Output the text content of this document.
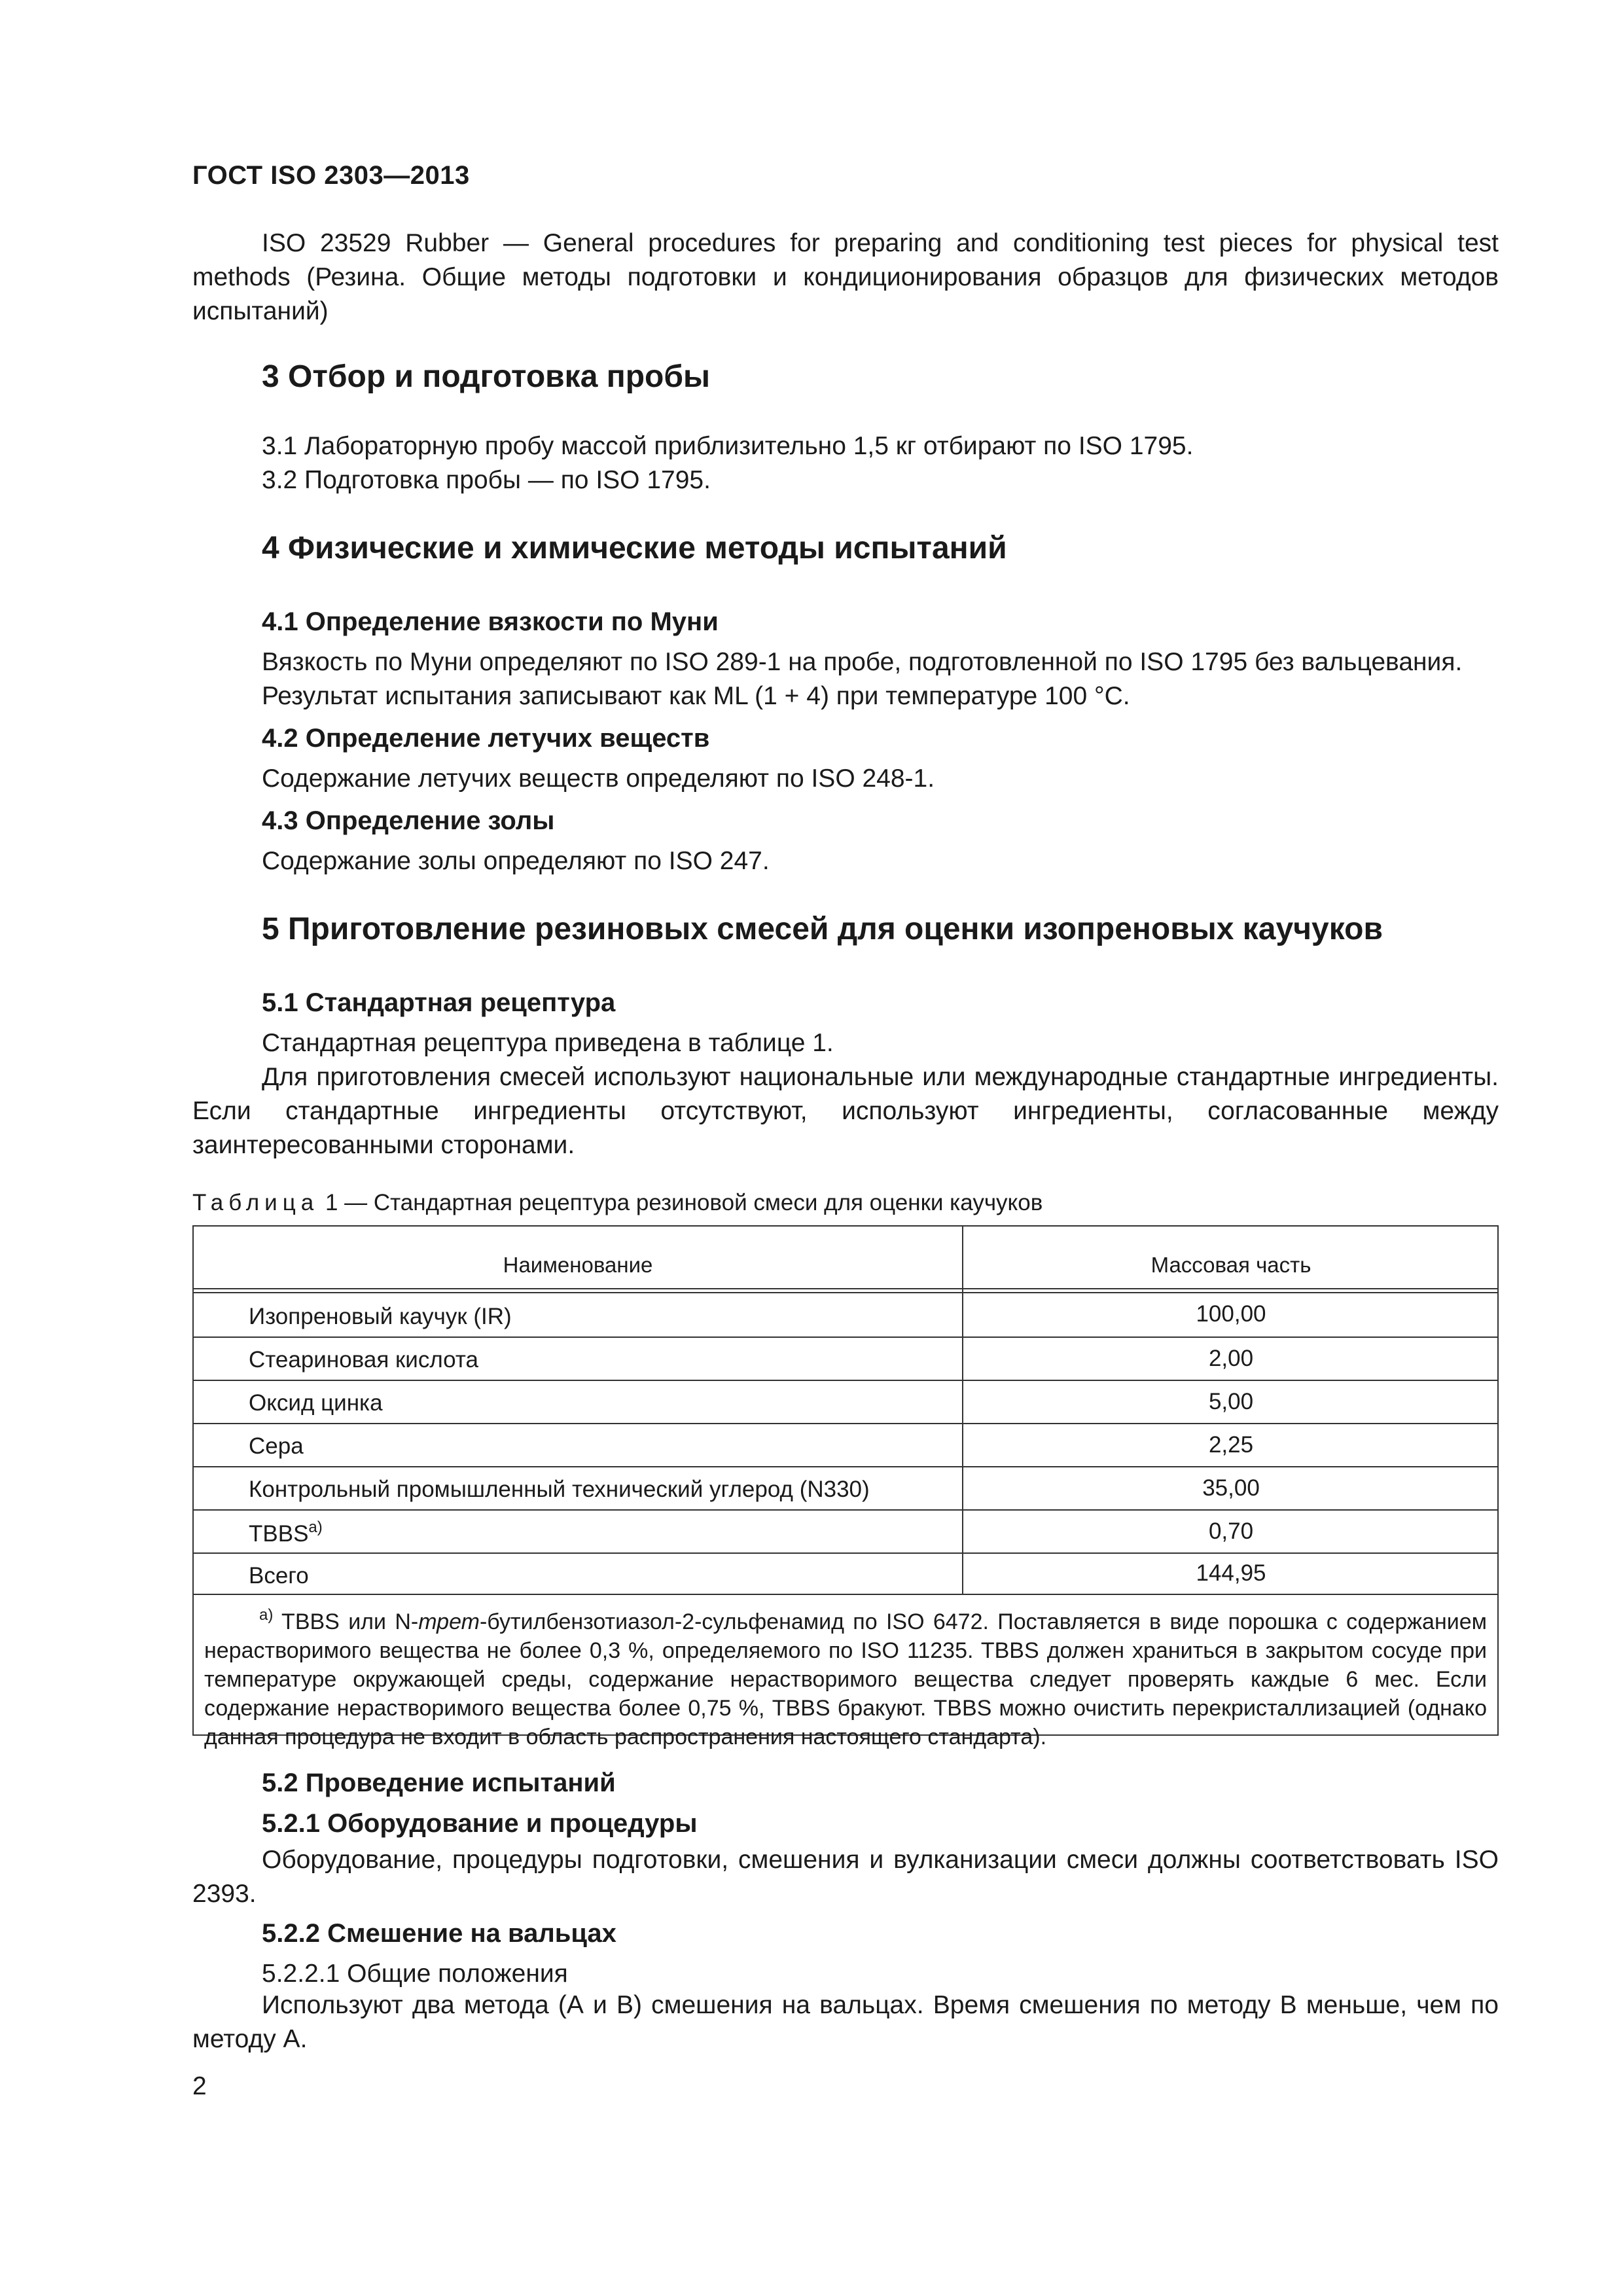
ГОСТ ISO 2303—2013

ISO 23529 Rubber — General procedures for preparing and conditioning test pieces for physical test methods (Резина. Общие методы подготовки и кондиционирования образцов для физических методов испытаний)

3 Отбор и подготовка пробы
3.1 Лабораторную пробу массой приблизительно 1,5 кг отбирают по ISO 1795.
3.2 Подготовка пробы — по ISO 1795.
4 Физические и химические методы испытаний
4.1 Определение вязкости по Муни
Вязкость по Муни определяют по ISO 289-1 на пробе, подготовленной по ISO 1795 без вальцевания.
Результат испытания записывают как ML (1 + 4) при температуре 100 °С.
4.2 Определение летучих веществ
Содержание летучих веществ определяют по ISO 248-1.
4.3 Определение золы
Содержание золы определяют по ISO 247.
5 Приготовление резиновых смесей для оценки изопреновых каучуков
5.1 Стандартная рецептура
Стандартная рецептура приведена в таблице 1.

Для приготовления смесей используют национальные или международные стандартные ингредиенты. Если стандартные ингредиенты отсутствуют, используют ингредиенты, согласованные между заинтересованными сторонами.

Таблица 1 — Стандартная рецептура резиновой смеси для оценки каучуков
Наименование	Массовая часть
Изопреновый каучук (IR)	100,00
Стеариновая кислота	2,00
Оксид цинка	5,00
Сера	2,25
Контрольный промышленный технический углерод (N330)	35,00
TBBS$^{a)}$	0,70
Всего	144,95
$^{a)}$ TBBS или N-трет-бутилбензотиазол-2-сульфенамид по ISO 6472. Поставляется в виде порошка с содержанием нерастворимого вещества не более 0,3 %, определяемого по ISO 11235. TBBS должен храниться в закрытом сосуде при температуре окружающей среды, содержание нерастворимого вещества следует проверять каждые 6 мес. Если содержание нерастворимого вещества более 0,75 %, TBBS бракуют. TBBS можно очистить перекристаллизацией (однако данная процедура не входит в область распространения настоящего стандарта).
5.2 Проведение испытаний
5.2.1 Оборудование и процедуры

Оборудование, процедуры подготовки, смешения и вулканизации смеси должны соответствовать ISO 2393.

5.2.2 Смешение на вальцах
5.2.2.1 Общие положения

Используют два метода (А и В) смешения на вальцах. Время смешения по методу В меньше, чем по методу А.

2
